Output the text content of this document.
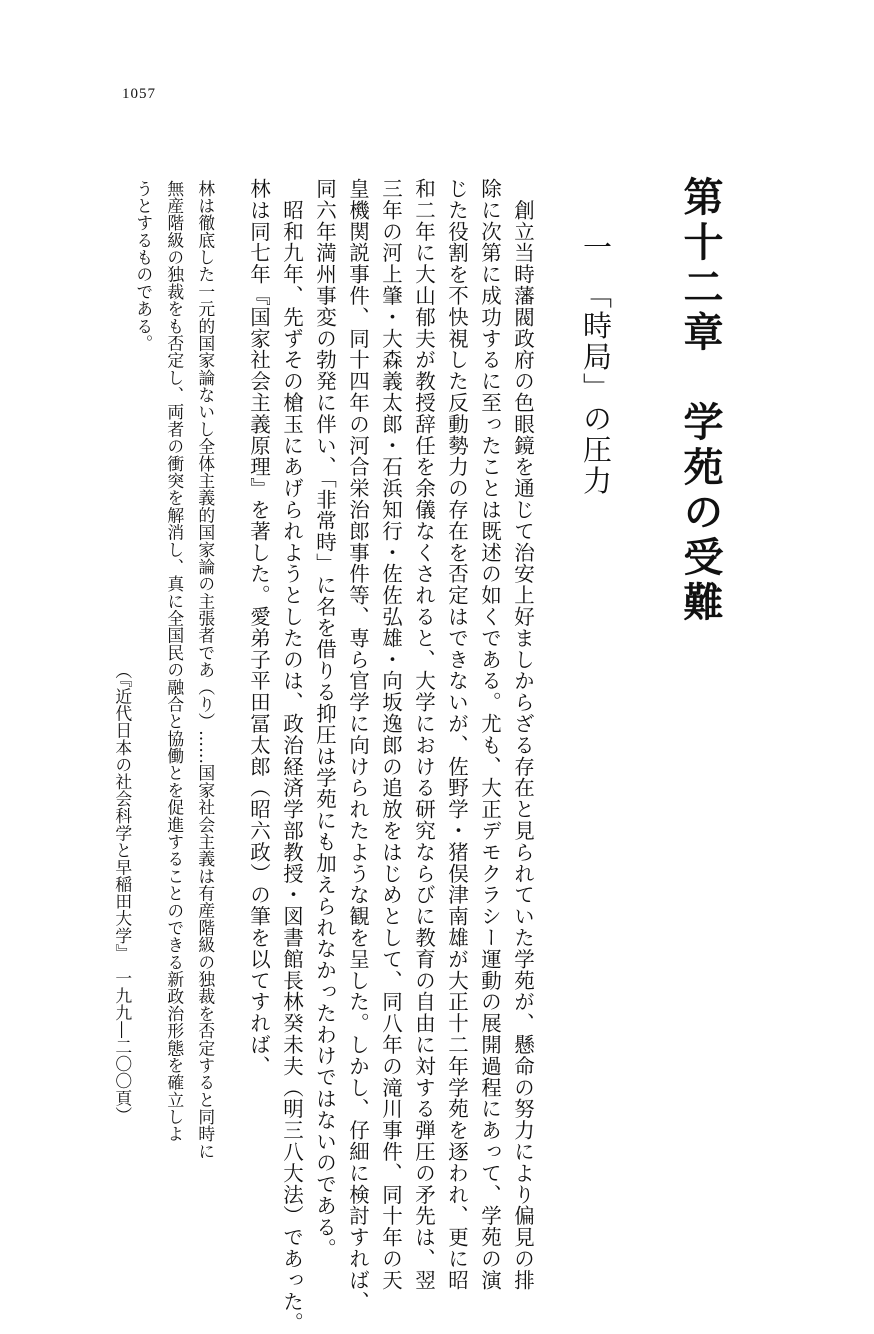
1057
第十二章　学苑の受難
一　「時局」の圧力
　創立当時藩閥政府の色眼鏡を通じて治安上好ましからざる存在と見られていた学苑が、懸命の努力により偏見の排
除に次第に成功するに至ったことは既述の如くである。尤も、大正デモクラシー運動の展開過程にあって、学苑の演
じた役割を不快視した反動勢力の存在を否定はできないが、佐野学・猪俣津南雄が大正十二年学苑を逐われ、更に昭
和二年に大山郁夫が教授辞任を余儀なくされると、大学における研究ならびに教育の自由に対する弾圧の矛先は、翌
三年の河上肇・大森義太郎・石浜知行・佐佐弘雄・向坂逸郎の追放をはじめとして、同八年の滝川事件、同十年の天
皇機関説事件、同十四年の河合栄治郎事件等、専ら官学に向けられたような観を呈した。しかし、仔細に検討すれば、
同六年満州事変の勃発に伴い、「非常時」に名を借りる抑圧は学苑にも加えられなかったわけではないのである。
　昭和九年、先ずその槍玉にあげられようとしたのは、政治経済学部教授・図書館長林癸未夫（明三八大法）であった。
林は同七年『国家社会主義原理』を著した。愛弟子平田冨太郎（昭六政）の筆を以てすれば、
林は徹底した一元的国家論ないし全体主義的国家論の主張者であ（り）……国家社会主義は有産階級の独裁を否定すると同時に
無産階級の独裁をも否定し、両者の衝突を解消し、真に全国民の融合と協働とを促進することのできる新政治形態を確立しよ
うとするものである。
（『近代日本の社会科学と早稲田大学』　一九九―二〇〇頁）
